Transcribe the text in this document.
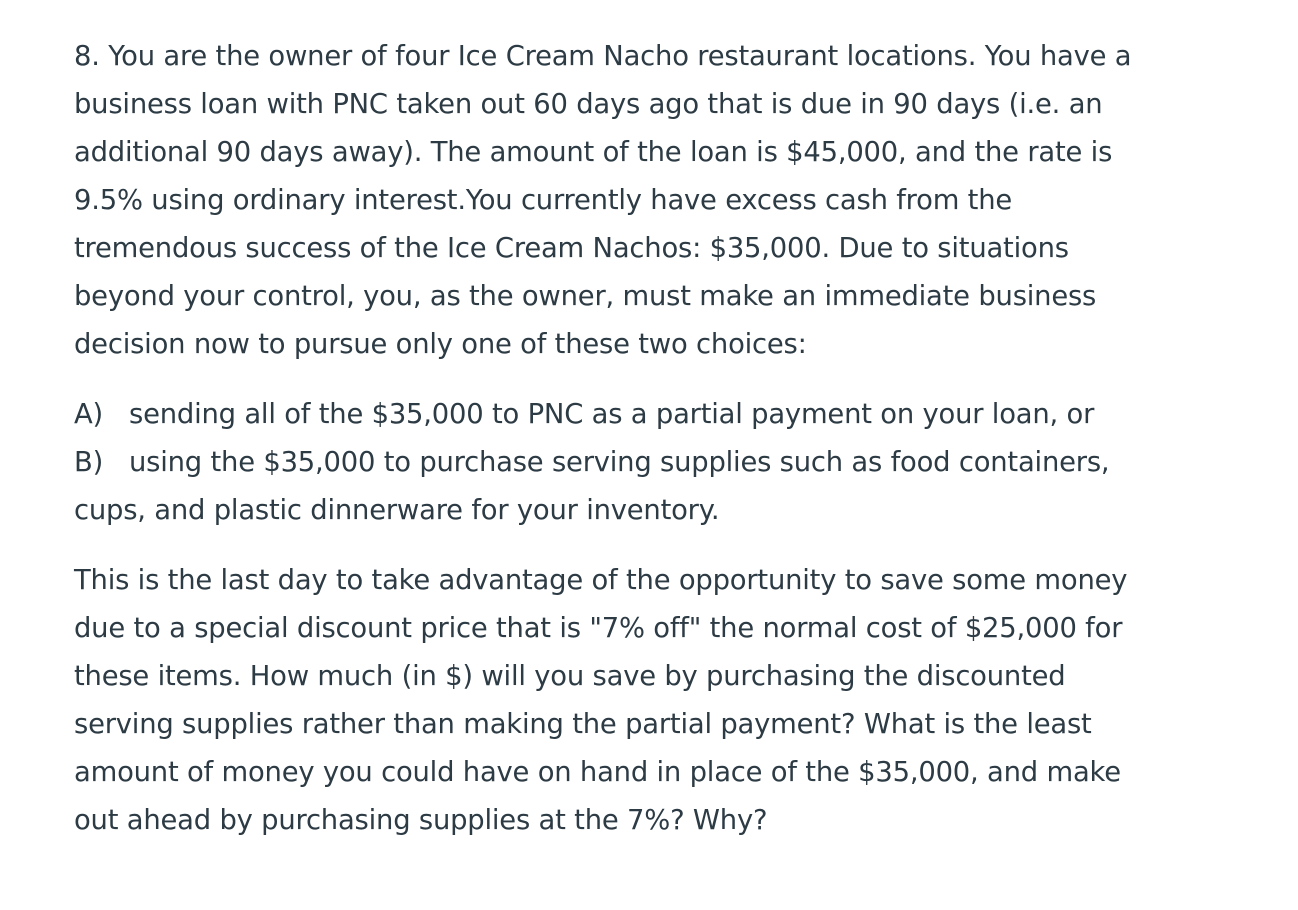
8. You are the owner of four Ice Cream Nacho restaurant locations. You have a
business loan with PNC taken out 60 days ago that is due in 90 days (i.e. an
additional 90 days away). The amount of the loan is $45,000, and the rate is
9.5% using ordinary interest.You currently have excess cash from the
tremendous success of the Ice Cream Nachos: $35,000. Due to situations
beyond your control, you, as the owner, must make an immediate business
decision now to pursue only one of these two choices:
A) sending all of the $35,000 to PNC as a partial payment on your loan, or
B) using the $35,000 to purchase serving supplies such as food containers,
cups, and plastic dinnerware for your inventory.
This is the last day to take advantage of the opportunity to save some money
due to a special discount price that is "7% off" the normal cost of $25,000 for
these items. How much (in $) will you save by purchasing the discounted
serving supplies rather than making the partial payment? What is the least
amount of money you could have on hand in place of the $35,000, and make
out ahead by purchasing supplies at the 7%? Why?
